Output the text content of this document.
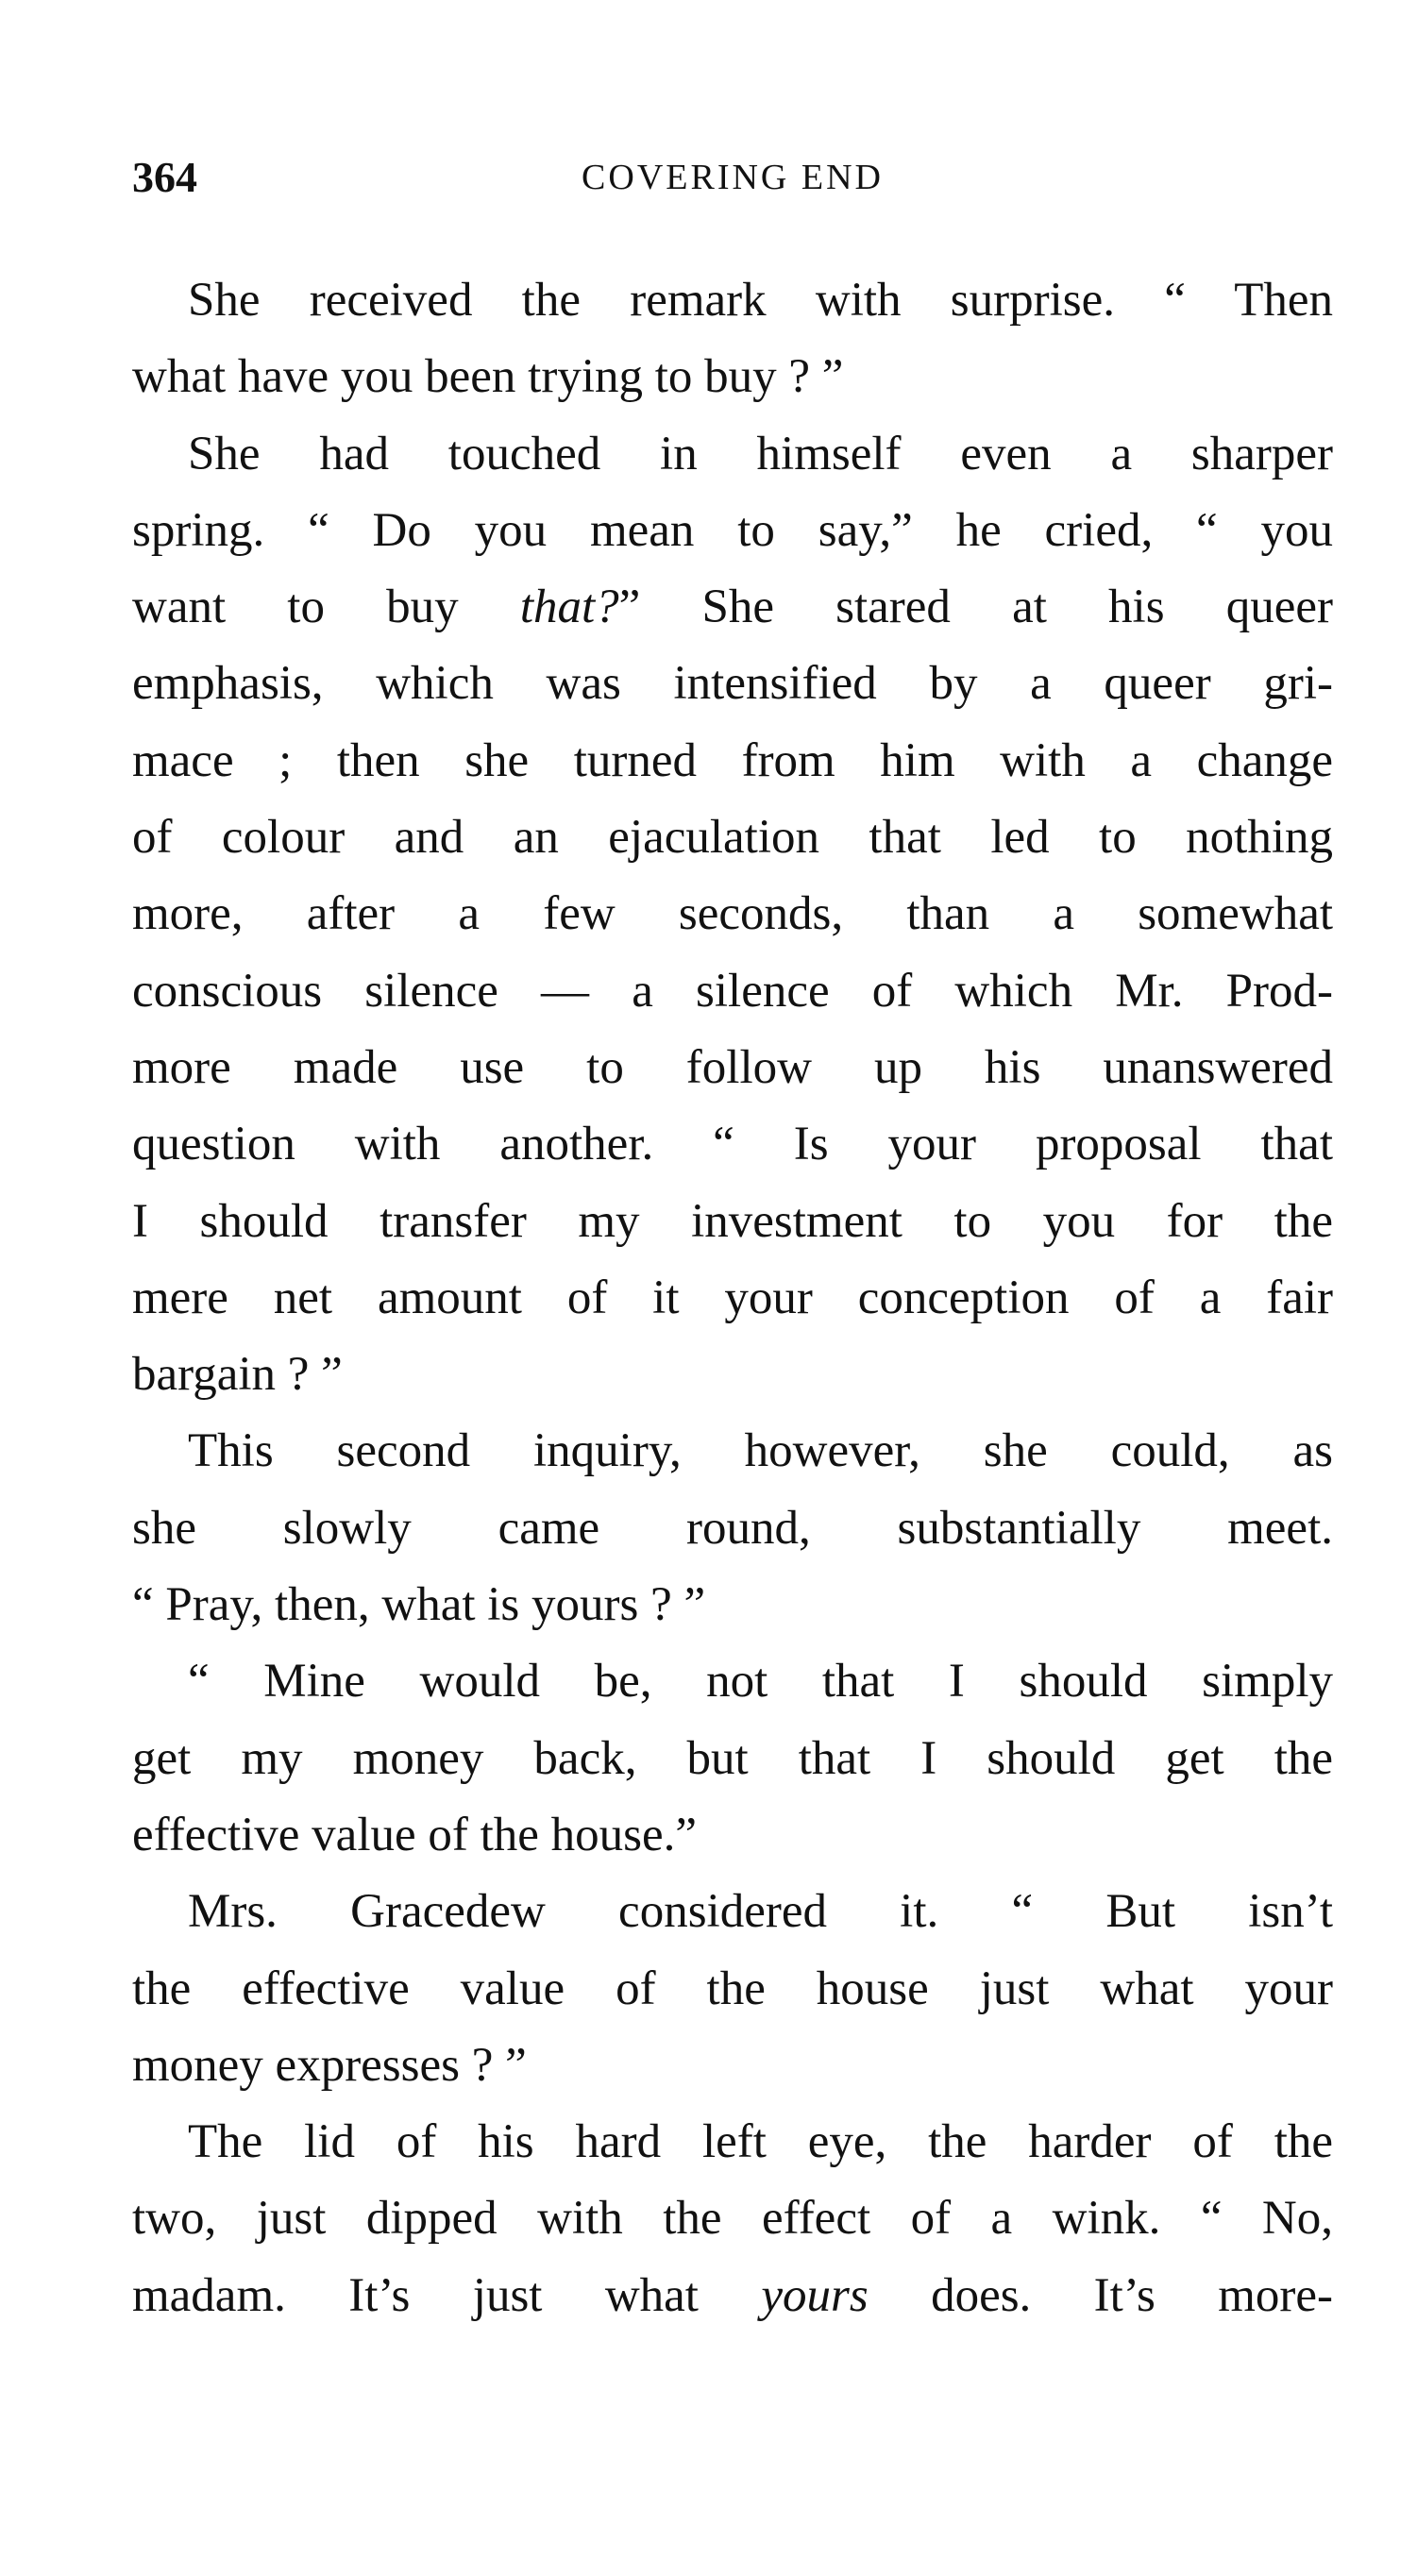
364	COVERING END
She received the remark with surprise. “ Then
what have you been trying to buy ? ”
She had touched in himself even a sharper
spring. “ Do you mean to say,” he cried, “ you
want to buy that?” She stared at his queer
emphasis, which was intensified by a queer gri-
mace ; then she turned from him with a change
of colour and an ejaculation that led to nothing
more, after a few seconds, than a somewhat
conscious silence — a silence of which Mr. Prod-
more made use to follow up his unanswered
question with another. “ Is your proposal that
I should transfer my investment to you for the
mere net amount of it your conception of a fair
bargain ? ”
This second inquiry, however, she could, as
she slowly came round, substantially meet.
“ Pray, then, what is yours ? ”
“ Mine would be, not that I should simply
get my money back, but that I should get the
effective value of the house.”
Mrs. Gracedew considered it. “ But isn’t
the effective value of the house just what your
money expresses ? ”
The lid of his hard left eye, the harder of the
two, just dipped with the effect of a wink. “ No,
madam. It’s just what yours does. It’s more-
